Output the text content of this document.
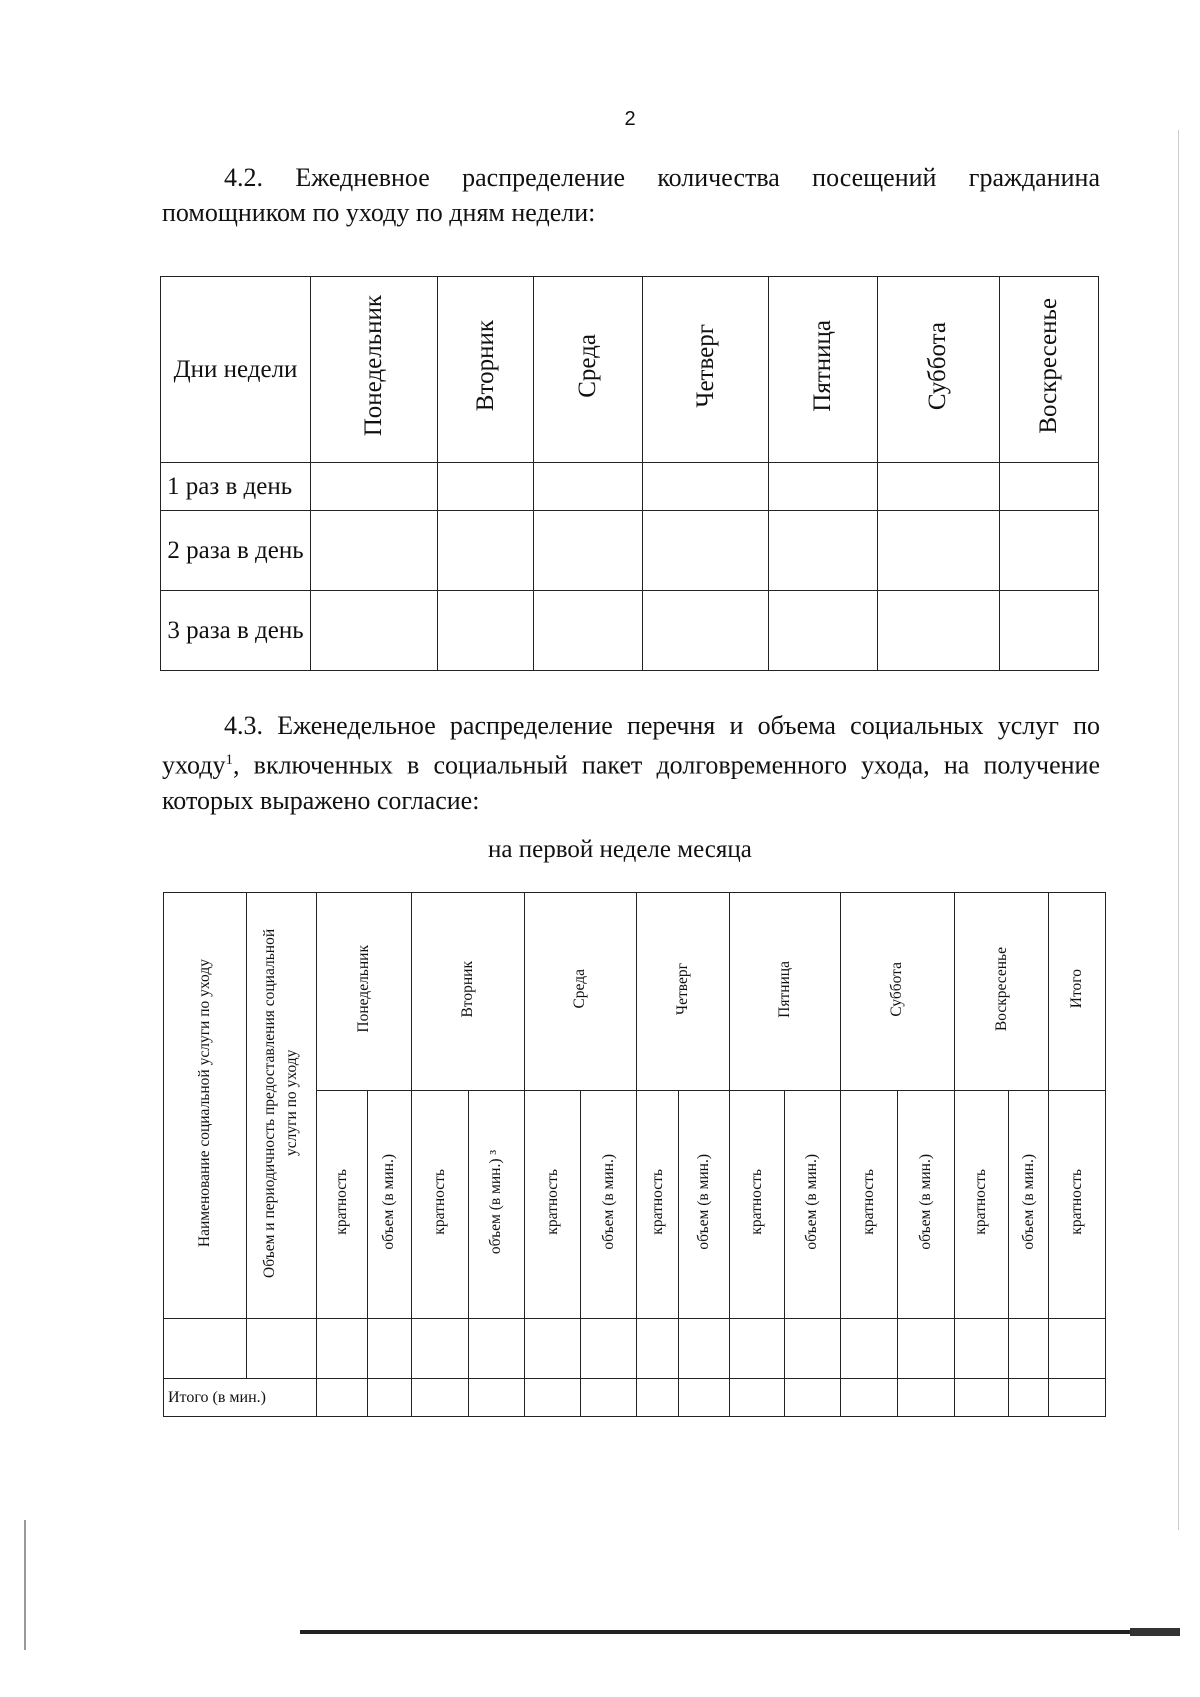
2
4.2. Ежедневное распределение количества посещений гражданина помощником по уходу по дням недели:
Дни недели	Понедельник	Вторник	Среда	Четверг	Пятница	Суббота	Воскресенье
1 раз в день							
2 раза в день							
3 раза в день							
4.3. Еженедельное распределение перечня и объема социальных услуг по уходу$^1$, включенных в социальный пакет долговременного ухода, на получение которых выражено согласие:
на первой неделе месяца
Наименование социальной услуги по уходу	Объем и периодичность предоставления социальной услуги по уходу	Понедельник		Вторник		Среда		Четверг		Пятница		Суббота		Воскресенье		Итого
		кратность	объем (в мин.)	кратность	объем (в мин.) ³	кратность	объем (в мин.)	кратность	объем (в мин.)	кратность	объем (в мин.)	кратность	объем (в мин.)	кратность	объем (в мин.)	кратность

Итого (в мин.)																
